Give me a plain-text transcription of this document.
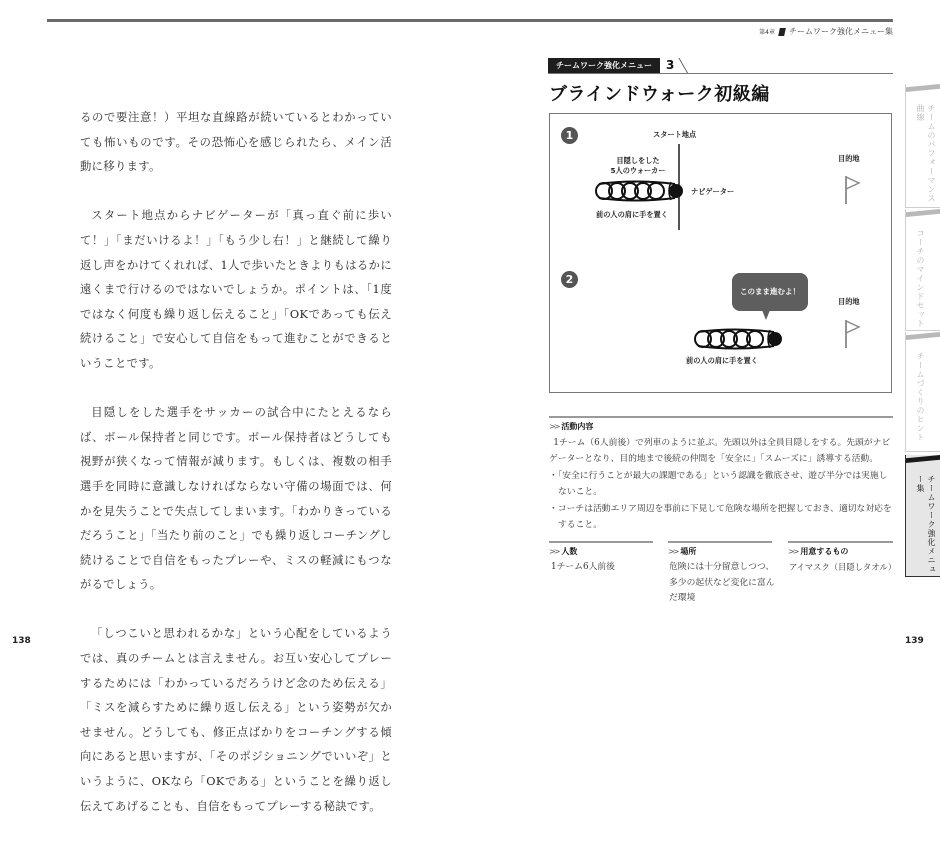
第4章 チームワーク強化メニュー集

るので要注意！）平坦な直線路が続いているとわかっていても怖いものです。その恐怖心を感じられたら、メイン活動に移ります。

スタート地点からナビゲーターが「真っ直ぐ前に歩いて！」「まだいけるよ！」「もう少し右！」と継続して繰り返し声をかけてくれれば、1人で歩いたときよりもはるかに遠くまで行けるのではないでしょうか。ポイントは、「1度ではなく何度も繰り返し伝えること」「OKであっても伝え続けること」で安心して自信をもって進むことができるということです。

目隠しをした選手をサッカーの試合中にたとえるならば、ボール保持者と同じです。ボール保持者はどうしても視野が狭くなって情報が減ります。もしくは、複数の相手選手を同時に意識しなければならない守備の場面では、何かを見失うことで失点してしまいます。「わかりきっているだろうこと」「当たり前のこと」でも繰り返しコーチングし続けることで自信をもったプレーや、ミスの軽減にもつながるでしょう。

「しつこいと思われるかな」という心配をしているようでは、真のチームとは言えません。お互い安心してプレーするためには「わかっているだろうけど念のため伝える」「ミスを減らすために繰り返し伝える」という姿勢が欠かせません。どうしても、修正点ばかりをコーチングする傾向にあると思いますが、「そのポジショニングでいいぞ」というように、OKなら「OKである」ということを繰り返し伝えてあげることも、自信をもってプレーする秘訣です。

138
チームワーク強化メニュー	3
ブラインドウォーク初級編
1	スタート地点
目隠しをした
5人のウォーカー
ナビゲーター
前の人の肩に手を置く
目的地
2
このまま進むよ！
前の人の肩に手を置く
目的地
>> 活動内容

1チーム（6人前後）で列車のように並ぶ。先頭以外は全員目隠しをする。先頭がナビゲーターとなり、目的地まで後続の仲間を「安全に」「スムーズに」誘導する活動。

・「安全に行うことが最大の課題である」という認識を徹底させ、遊び半分では実施しないこと。

・コーチは活動エリア周辺を事前に下見して危険な場所を把握しておき、適切な対応をすること。

>> 人数
1チーム6人前後
>> 場所
危険には十分留意しつつ、多少の起伏など変化に富んだ環境
>> 用意するもの
アイマスク（目隠しタオル）
139
チームのパフォーマンス曲線
コーチのマインドセット
チームづくりのヒント
チームワーク強化メニュー集
